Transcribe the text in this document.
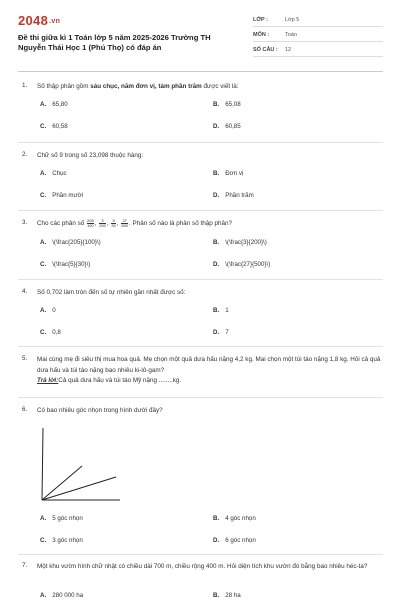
2048.vn
Đề thi giữa kì 1 Toán lớp 5 năm 2025-2026 Trường TH Nguyễn Thái Học 1 (Phú Thọ) có đáp án
LỚP :	Lớp 5
MÔN :	Toán
SỐ CÂU : 12
1. Số thập phân gồm sáu chục, năm đơn vị, tám phần trăm được viết là:
A. 65,80	B. 65,08
C. 60,58	D. 60,85
2. Chữ số 9 trong số 23,098 thuộc hàng:
A. Chục	B. Đơn vị
C. Phần mười	D. Phần trăm
3. Cho các phân số $\frac{205}{100}$ , $\frac{3}{200}$ , $\frac{5}{30}$ , $\frac{27}{500}$ . Phân số nào là phân số thập phân?
A. \(\frac{205}{100}\)	B. \(\frac{3}{200}\)
C. \(\frac{5}{30}\)	D. \(\frac{27}{500}\)
4. Số 0,702 làm tròn đến số tự nhiên gần nhất được số:
A. 0	B. 1
C. 0,8	D. 7
5. Mai cùng mẹ đi siêu thị mua hoa quả. Mẹ chọn một quả dưa hấu nặng 4,2 kg. Mai chọn một túi táo nặng 1,8 kg. Hỏi cả quả dưa hấu và túi táo nặng bao nhiêu ki-lô-gam?
Trả lời:Cả quả dưa hấu và túi táo Mỹ nặng ........kg.
6. Có bao nhiêu góc nhọn trong hình dưới đây?
A. 5 góc nhọn	B. 4 góc nhọn
C. 3 góc nhọn	D. 6 góc nhọn
7. Một khu vườn hình chữ nhật có chiều dài 700 m, chiều rộng 400 m. Hỏi diện tích khu vườn đó bằng bao nhiêu héc-ta?
A. 280 000 ha	B. 28 ha
